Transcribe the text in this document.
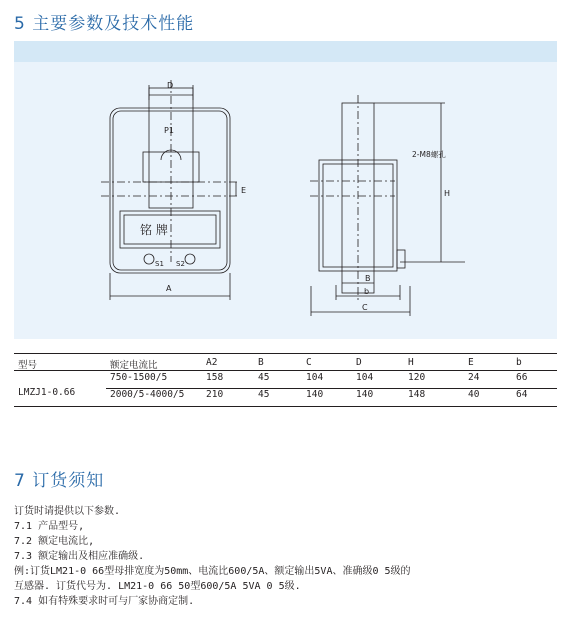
5 主要参数及技术性能
D
P1
E
A
铭 牌
S1 S2
2-M8螺孔
H
B
b
C
型号	额定电流比	A2	B	C	D	H	E	b
LMZJ1-0.66
750-1500/5	158	45	104	104	120	24	66
2000/5-4000/5 210	45	140	140	148	40	64
7 订货须知
订货时请提供以下参数.
7.1 产品型号,
7.2 额定电流比,
7.3 额定输出及相应准确级.
例:订货LM21-0 66型母排宽度为50mm、电流比600/5A、额定输出5VA、准确级0 5级的
互感器. 订货代号为. LM21-0 66 50型600/5A 5VA 0 5级.
7.4 如有特殊要求时可与厂家协商定制.
